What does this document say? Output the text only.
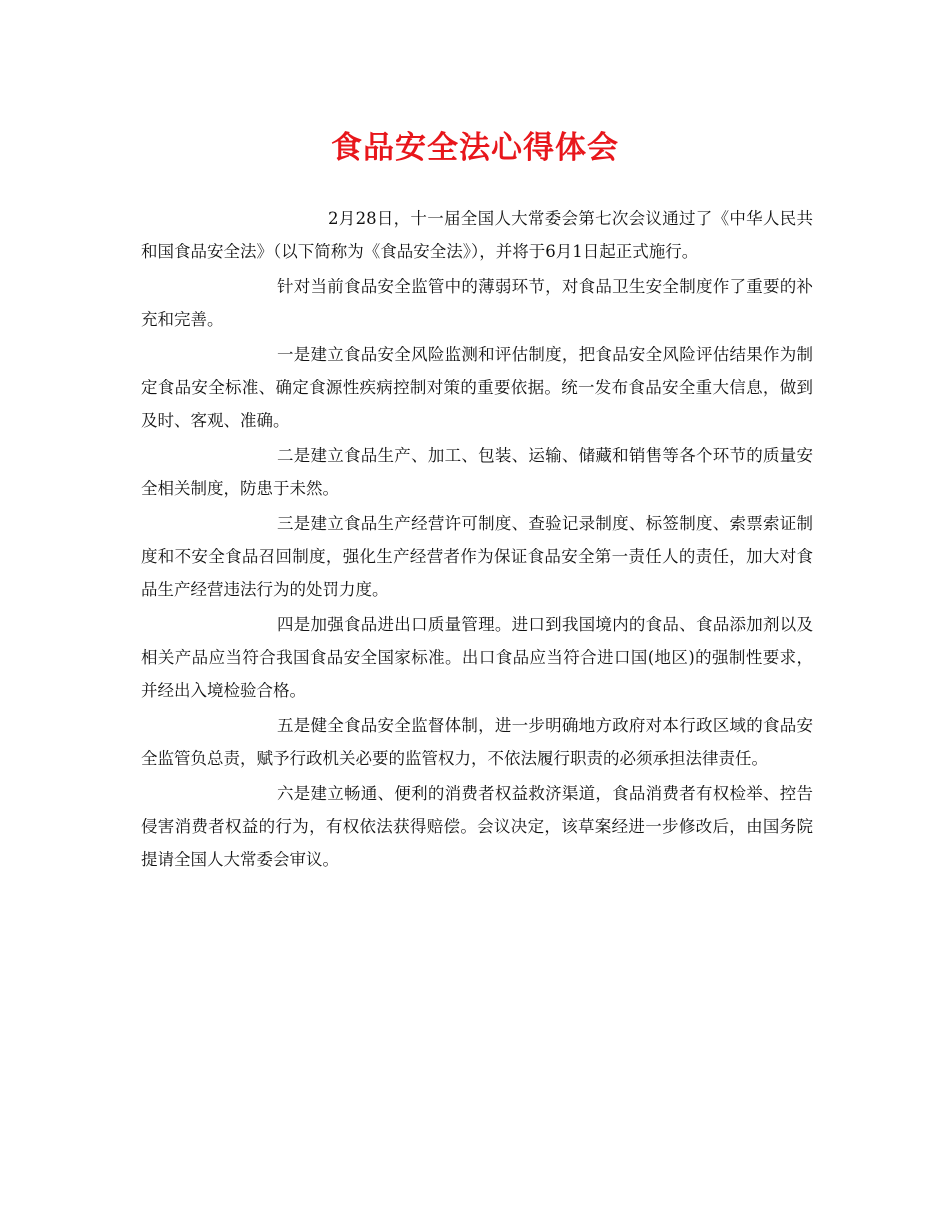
食品安全法心得体会

2月28日，十一届全国人大常委会第七次会议通过了《中华人民共和国食品安全法》（以下简称为《食品安全法》），并将于6月1日起正式施行。

针对当前食品安全监管中的薄弱环节，对食品卫生安全制度作了重要的补充和完善。

一是建立食品安全风险监测和评估制度，把食品安全风险评估结果作为制定食品安全标准、确定食源性疾病控制对策的重要依据。统一发布食品安全重大信息，做到及时、客观、准确。

二是建立食品生产、加工、包装、运输、储藏和销售等各个环节的质量安全相关制度，防患于未然。

三是建立食品生产经营许可制度、查验记录制度、标签制度、索票索证制度和不安全食品召回制度，强化生产经营者作为保证食品安全第一责任人的责任，加大对食品生产经营违法行为的处罚力度。

四是加强食品进出口质量管理。进口到我国境内的食品、食品添加剂以及相关产品应当符合我国食品安全国家标准。出口食品应当符合进口国(地区)的强制性要求，并经出入境检验合格。

五是健全食品安全监督体制，进一步明确地方政府对本行政区域的食品安全监管负总责，赋予行政机关必要的监管权力，不依法履行职责的必须承担法律责任。

六是建立畅通、便利的消费者权益救济渠道，食品消费者有权检举、控告侵害消费者权益的行为，有权依法获得赔偿。会议决定，该草案经进一步修改后，由国务院提请全国人大常委会审议。
